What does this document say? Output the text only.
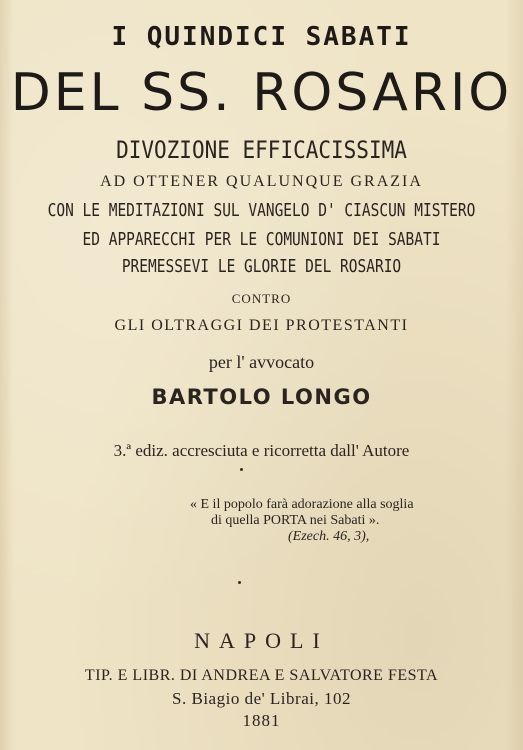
I QUINDICI SABATI
DEL SS. ROSARIO
DIVOZIONE EFFICACISSIMA
AD OTTENER QUALUNQUE GRAZIA
CON LE MEDITAZIONI SUL VANGELO D' CIASCUN MISTERO
ED APPARECCHI PER LE COMUNIONI DEI SABATI
PREMESSEVI LE GLORIE DEL ROSARIO
CONTRO
GLI OLTRAGGI DEI PROTESTANTI
per l' avvocato
BARTOLO LONGO
3.ª ediz. accresciuta e ricorretta dall' Autore
« E il popolo farà adorazione alla soglia
di quella PORTA nei Sabati ».
(Ezech. 46, 3),
NAPOLI
TIP. E LIBR. DI ANDREA E SALVATORE FESTA
S. Biagio de' Librai, 102
1881
